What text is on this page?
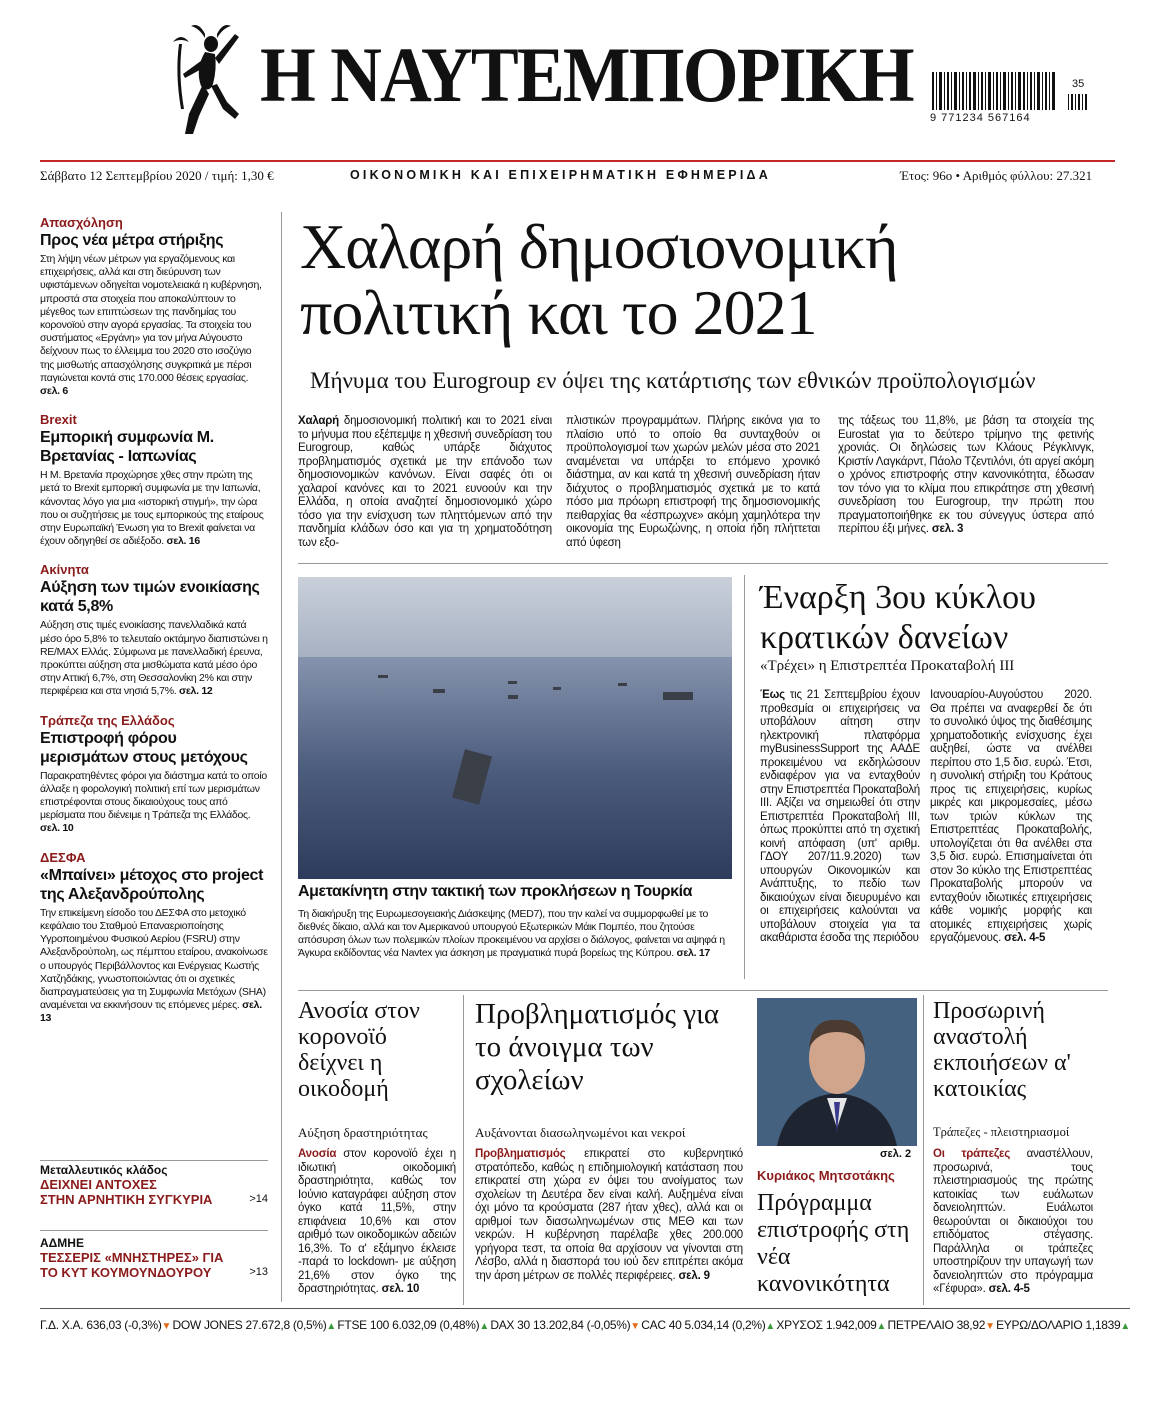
Η ΝΑΥΤΕΜΠΟΡΙΚΗ 9 771234 567164
35
Σάββατο 12 Σεπτεμβρίου 2020 / τιμή: 1,30 €	ΟΙΚΟΝΟΜΙΚΗ ΚΑΙ ΕΠΙΧΕΙΡΗΜΑΤΙΚΗ ΕΦΗΜΕΡΙΔΑ	Έτος: 96ο • Αριθμός φύλλου: 27.321
Απασχόληση
Προς νέα μέτρα στήριξης
Στη λήψη νέων μέτρων για εργαζόμενους και επιχειρήσεις, αλλά και στη διεύρυνση των υφιστάμενων οδηγείται νομοτελειακά η κυβέρνηση, μπροστά στα στοιχεία που αποκαλύπτουν το μέγεθος των επιπτώσεων της πανδημίας του κορονοϊού στην αγορά εργασίας. Τα στοιχεία του συστήματος «Εργάνη» για τον μήνα Αύγουστο δείχνουν πως το έλλειμμα του 2020 στο ισοζύγιο της μισθωτής απασχόλησης συγκριτικά με πέρσι παγιώνεται κοντά στις 170.000 θέσεις εργασίας. σελ. 6
Brexit
Εμπορική συμφωνία Μ. Βρετανίας - Ιαπωνίας
Η Μ. Βρετανία προχώρησε χθες στην πρώτη της μετά το Brexit εμπορική συμφωνία με την Ιαπωνία, κάνοντας λόγο για μια «ιστορική στιγμή», την ώρα που οι συζητήσεις με τους εμπορικούς της εταίρους στην Ευρωπαϊκή Ένωση για το Brexit φαίνεται να έχουν οδηγηθεί σε αδιέξοδο. σελ. 16
Ακίνητα
Αύξηση των τιμών ενοικίασης κατά 5,8%
Αύξηση στις τιμές ενοικίασης πανελλαδικά κατά μέσο όρο 5,8% το τελευταίο οκτάμηνο διαπιστώνει η RE/MAX Ελλάς. Σύμφωνα με πανελλαδική έρευνα, προκύπτει αύξηση στα μισθώματα κατά μέσο όρο στην Αττική 6,7%, στη Θεσσαλονίκη 2% και στην περιφέρεια και στα νησιά 5,7%. σελ. 12
Τράπεζα της Ελλάδος
Επιστροφή φόρου μερισμάτων στους μετόχους
Παρακρατηθέντες φόροι για διάστημα κατά το οποίο άλλαξε η φορολογική πολιτική επί των μερισμάτων επιστρέφονται στους δικαιούχους τους από μερίσματα που διένειμε η Τράπεζα της Ελλάδος. σελ. 10
ΔΕΣΦΑ
«Μπαίνει» μέτοχος στο project της Αλεξανδρούπολης
Την επικείμενη είσοδο του ΔΕΣΦΑ στο μετοχικό κεφάλαιο του Σταθμού Επαναεριοποίησης Υγροποιημένου Φυσικού Αερίου (FSRU) στην Αλεξανδρούπολη, ως πέμπτου εταίρου, ανακοίνωσε ο υπουργός Περιβάλλοντος και Ενέργειας Κωστής Χατζηδάκης, γνωστοποιώντας ότι οι σχετικές διαπραγματεύσεις για τη Συμφωνία Μετόχων (SHA) αναμένεται να εκκινήσουν τις επόμενες μέρες. σελ. 13
Μεταλλευτικός κλάδος
ΔΕΙΧΝΕΙ ΑΝΤΟΧΕΣ
ΣΤΗΝ ΑΡΝΗΤΙΚΗ ΣΥΓΚΥΡΙΑ	>14
ΑΔΜΗΕ
ΤΕΣΣΕΡΙΣ «ΜΝΗΣΤΗΡΕΣ» ΓΙΑ
ΤΟ ΚΥΤ ΚΟΥΜΟΥΝΔΟΥΡΟΥ	>13
Χαλαρή δημοσιονομική
πολιτική και το 2021
Μήνυμα του Eurogroup εν όψει της κατάρτισης των εθνικών προϋπολογισμών
Χαλαρή δημοσιονομική πολιτική και το 2021 είναι το μήνυμα που εξέπεμψε η χθεσινή συνεδρίαση του Eurogroup, καθώς υπάρξε διάχυτος προβληματισμός σχετικά με την επάνοδο των δημοσιονομικών κανόνων. Είναι σαφές ότι οι χαλαροί κανόνες και το 2021 ευνοούν και την Ελλάδα, η οποία αναζητεί δημοσιονομικό χώρο τόσο για την ενίσχυση των πληττόμενων από την πανδημία κλάδων όσο και για τη χρηματοδότηση των εξο-
πλιστικών προγραμμάτων. Πλήρης εικόνα για το πλαίσιο υπό το οποίο θα συνταχθούν οι προϋπολογισμοί των χωρών μελών μέσα στο 2021 αναμένεται να υπάρξει το επόμενο χρονικό διάστημα, αν και κατά τη χθεσινή συνεδρίαση ήταν διάχυτος ο προβληματισμός σχετικά με το κατά πόσο μια πρόωρη επιστροφή της δημοσιονομικής πειθαρχίας θα «έσπρωχνε» ακόμη χαμηλότερα την οικονομία της Ευρωζώνης, η οποία ήδη πλήττεται από ύφεση
της τάξεως του 11,8%, με βάση τα στοιχεία της Eurostat για το δεύτερο τρίμηνο της φετινής χρονιάς. Οι δηλώσεις των Κλάους Ρέγκλινγκ, Κριστίν Λαγκάρντ, Πάολο Τζεντιλόνι, ότι αργεί ακόμη ο χρόνος επιστροφής στην κανονικότητα, έδωσαν τον τόνο για το κλίμα που επικράτησε στη χθεσινή συνεδρίαση του Eurogroup, την πρώτη που πραγματοποιήθηκε εκ του σύνεγγυς ύστερα από περίπου έξι μήνες. σελ. 3
Αμετακίνητη στην τακτική των προκλήσεων η Τουρκία
Τη διακήρυξη της Ευρωμεσογειακής Διάσκεψης (MED7), που την καλεί να συμμορφωθεί με το διεθνές δίκαιο, αλλά και τον Αμερικανού υπουργού Εξωτερικών Μάικ Πομπέο, που ζητούσε απόσυρση όλων των πολεμικών πλοίων προκειμένου να αρχίσει ο διάλογος, φαίνεται να αψηφά η Άγκυρα εκδίδοντας νέα Navtex για άσκηση με πραγματικά πυρά βορείως της Κύπρου. σελ. 17
Έναρξη 3ου κύκλου
κρατικών δανείων
«Τρέχει» η Επιστρεπτέα Προκαταβολή ΙΙΙ
Έως τις 21 Σεπτεμβρίου έχουν προθεσμία οι επιχειρήσεις να υποβάλουν αίτηση στην ηλεκτρονική πλατφόρμα myBusinessSupport της ΑΑΔΕ προκειμένου να εκδηλώσουν ενδιαφέρον για να ενταχθούν στην Επιστρεπτέα Προκαταβολή ΙΙΙ. Αξίζει να σημειωθεί ότι στην Επιστρεπτέα Προκαταβολή ΙΙΙ, όπως προκύπτει από τη σχετική κοινή απόφαση (υπ' αριθμ. ΓΔΟΥ 207/11.9.2020) των υπουργών Οικονομικών και Ανάπτυξης, το πεδίο των δικαιούχων είναι διευρυμένο και οι επιχειρήσεις καλούνται να υποβάλουν στοιχεία για τα ακαθάριστα έσοδα της περιόδου
Ιανουαρίου-Αυγούστου 2020. Θα πρέπει να αναφερθεί δε ότι το συνολικό ύψος της διαθέσιμης χρηματοδοτικής ενίσχυσης έχει αυξηθεί, ώστε να ανέλθει περίπου στο 1,5 δισ. ευρώ. Έτσι, η συνολική στήριξη του Κράτους προς τις επιχειρήσεις, κυρίως μικρές και μικρομεσαίες, μέσω των τριών κύκλων της Επιστρεπτέας Προκαταβολής, υπολογίζεται ότι θα ανέλθει στα 3,5 δισ. ευρώ. Επισημαίνεται ότι στον 3ο κύκλο της Επιστρεπτέας Προκαταβολής μπορούν να ενταχθούν ιδιωτικές επιχειρήσεις κάθε νομικής μορφής και ατομικές επιχειρήσεις χωρίς εργαζόμενους. σελ. 4-5
Ανοσία στον κορονοϊό δείχνει η οικοδομή
Αύξηση δραστηριότητας
Ανοσία στον κορονοϊό έχει η ιδιωτική οικοδομική δραστηριότητα, καθώς τον Ιούνιο καταγράφει αύξηση στον όγκο κατά 11,5%, στην επιφάνεια 10,6% και στον αριθμό των οικοδομικών αδειών 16,3%. Το α' εξάμηνο έκλεισε -παρά το lockdown- με αύξηση 21,6% στον όγκο της δραστηριότητας. σελ. 10
Προβληματισμός για το άνοιγμα των σχολείων
Αυξάνονται διασωληνωμένοι και νεκροί
Προβληματισμός επικρατεί στο κυβερνητικό στρατόπεδο, καθώς η επιδημιολογική κατάσταση που επικρατεί στη χώρα εν όψει του ανοίγματος των σχολείων τη Δευτέρα δεν είναι καλή. Αυξημένα είναι όχι μόνο τα κρούσματα (287 ήταν χθες), αλλά και οι αριθμοί των διασωληνωμένων στις ΜΕΘ και των νεκρών. Η κυβέρνηση παρέλαβε χθες 200.000 γρήγορα τεστ, τα οποία θα αρχίσουν να γίνονται στη Λέσβο, αλλά η διασπορά του ιού δεν επιτρέπει ακόμα την άρση μέτρων σε πολλές περιφέρειες. σελ. 9
σελ. 2
Κυριάκος Μητσοτάκης
Πρόγραμμα επιστροφής στη νέα κανονικότητα
Προσωρινή αναστολή εκποιήσεων α' κατοικίας
Τράπεζες - πλειστηριασμοί
Οι τράπεζες αναστέλλουν, προσωρινά, τους πλειστηριασμούς της πρώτης κατοικίας των ευάλωτων δανειοληπτών. Ευάλωτοι θεωρούνται οι δικαιούχοι του επιδόματος στέγασης. Παράλληλα οι τράπεζες υποστηρίζουν την υπαγωγή των δανειοληπτών στο πρόγραμμα «Γέφυρα». σελ. 4-5
Γ.Δ. Χ.Α. 636,03 (-0,3%)▼ DOW JONES 27.672,8 (0,5%)▲ FTSE 100 6.032,09 (0,48%)▲ DAX 30 13.202,84 (-0,05%)▼ CAC 40 5.034,14 (0,2%)▲ ΧΡΥΣΟΣ 1.942,009▲ ΠΕΤΡΕΛΑΙΟ 38,92▼ ΕΥΡΩ/ΔΟΛΑΡΙΟ 1,1839▲
